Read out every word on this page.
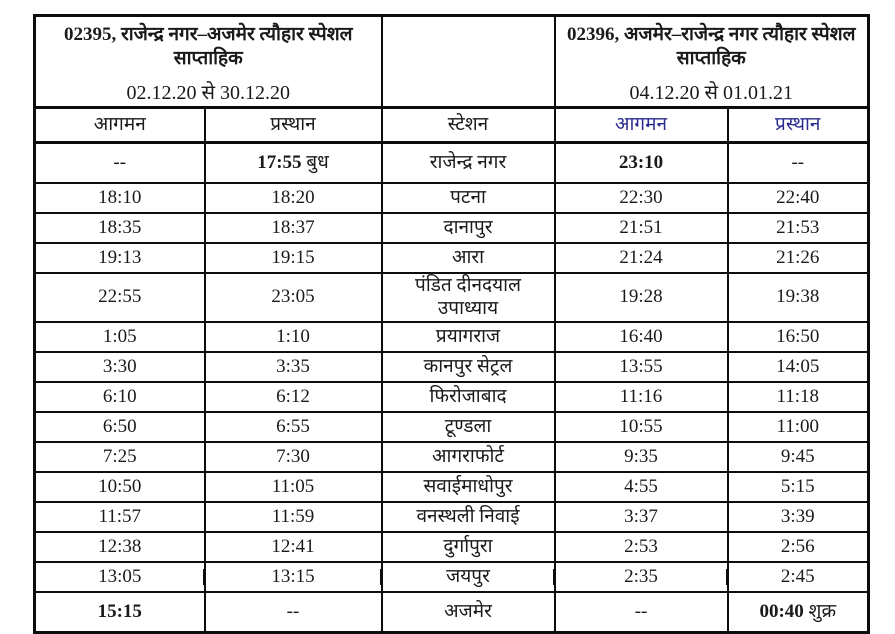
02395, राजेन्द्र नगर–अजमेर त्यौहार स्पेशल साप्ताहिक
02.12.20 से 30.12.20

02396, अजमेर–राजेन्द्र नगर त्यौहार स्पेशल साप्ताहिक
04.12.20 से 01.01.21

आगमन	प्रस्थान	स्टेशन	आगमन	प्रस्थान
--	17:55 बुध	राजेन्द्र नगर	23:10	--
18:10	18:20	पटना	22:30	22:40
18:35	18:37	दानापुर	21:51	21:53
19:13	19:15	आरा	21:24	21:26
22:55	23:05	पंडित दीनदयाल उपाध्याय	19:28	19:38
1:05	1:10	प्रयागराज	16:40	16:50
3:30	3:35	कानपुर सेट्रल	13:55	14:05
6:10	6:12	फिरोजाबाद	11:16	11:18
6:50	6:55	टूण्डला	10:55	11:00
7:25	7:30	आगराफोर्ट	9:35	9:45
10:50	11:05	सवाईमाधोपुर	4:55	5:15
11:57	11:59	वनस्थली निवाई	3:37	3:39
12:38	12:41	दुर्गापुरा	2:53	2:56
13:05	13:15	जयपुर	2:35	2:45
15:15	--	अजमेर	--	00:40 शुक्र
